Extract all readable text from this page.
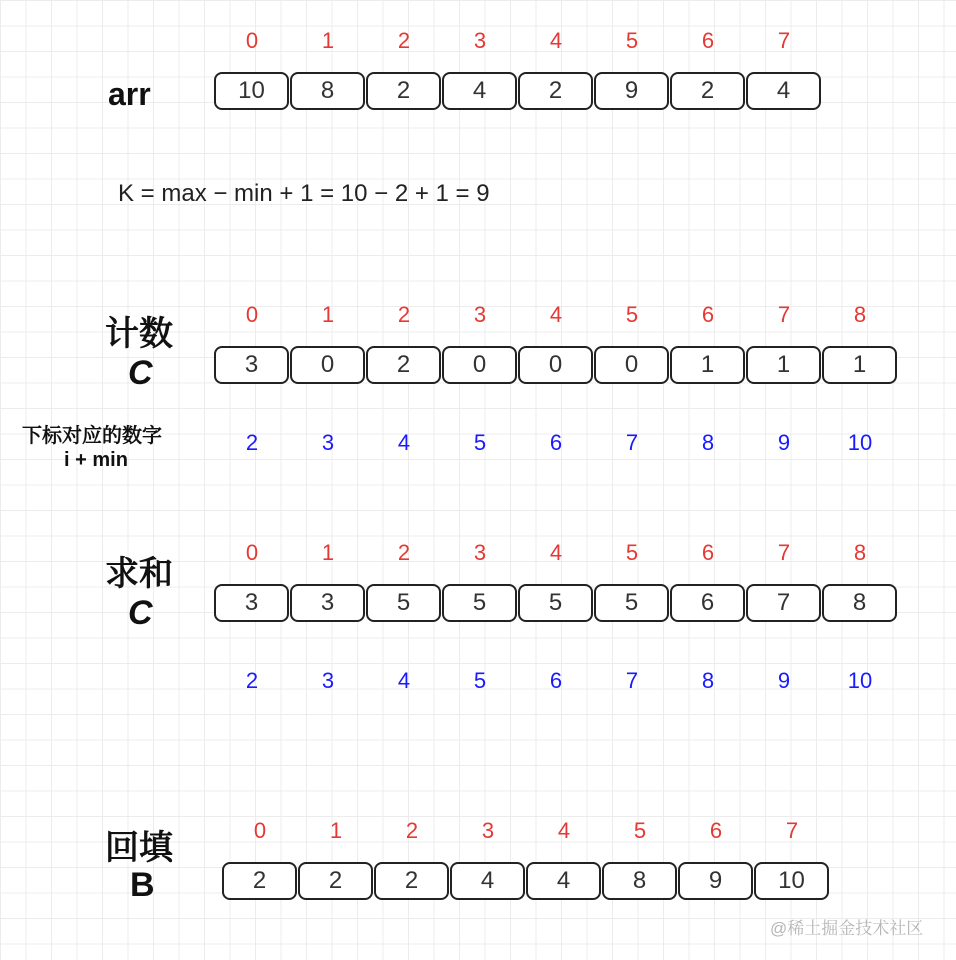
arr
0	1	2	3	4	5	6	7
10	8	2	4	2	9	2	4
K = max − min + 1 = 10 − 2 + 1 = 9
计数
C
0	1	2	3	4	5	6	7	8
3	0	2	0	0	0	1	1	1
下标对应的数字
i + min
2	3	4	5	6	7	8	9	10
求和
C
0	1	2	3	4	5	6	7	8
3	3	5	5	5	5	6	7	8
2	3	4	5	6	7	8	9	10
回填
B
0	1	2	3	4	5	6	7
2	2	2	4	4	8	9	10
@稀土掘金技术社区
